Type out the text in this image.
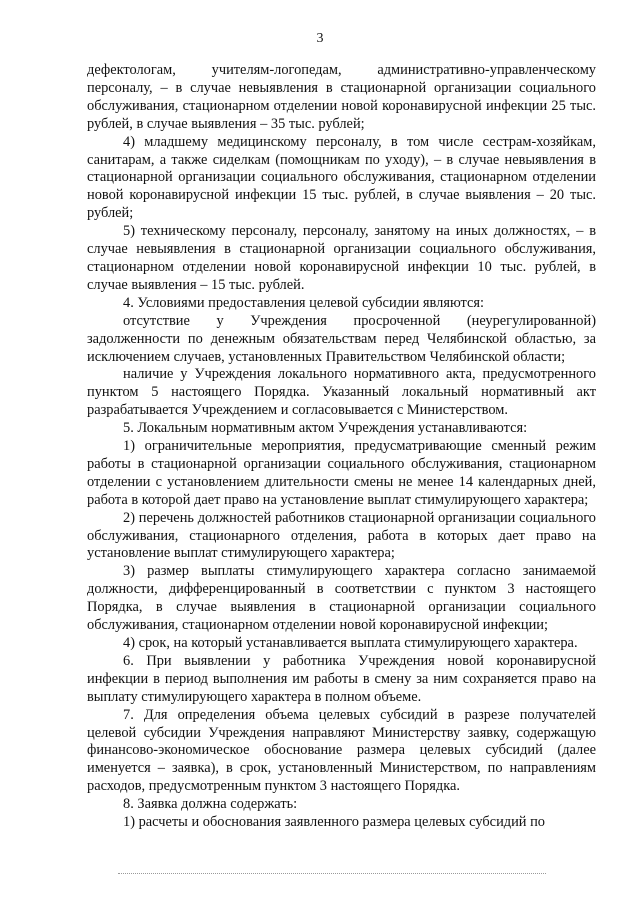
3

дефектологам, учителям-логопедам, административно-управленческому персоналу, – в случае невыявления в стационарной организации социального обслуживания, стационарном отделении новой коронавирусной инфекции 25 тыс. рублей, в случае выявления – 35 тыс. рублей;

4) младшему медицинскому персоналу, в том числе сестрам-хозяйкам, санитарам, а также сиделкам (помощникам по уходу), – в случае невыявления в стационарной организации социального обслуживания, стационарном отделении новой коронавирусной инфекции 15 тыс. рублей, в случае выявления – 20 тыс. рублей;

5) техническому персоналу, персоналу, занятому на иных должностях, – в случае невыявления в стационарной организации социального обслуживания, стационарном отделении новой коронавирусной инфекции 10 тыс. рублей, в случае выявления – 15 тыс. рублей.

4. Условиями предоставления целевой субсидии являются:

отсутствие у Учреждения просроченной (неурегулированной) задолженности по денежным обязательствам перед Челябинской областью, за исключением случаев, установленных Правительством Челябинской области;

наличие у Учреждения локального нормативного акта, предусмотренного пунктом 5 настоящего Порядка. Указанный локальный нормативный акт разрабатывается Учреждением и согласовывается с Министерством.

5. Локальным нормативным актом Учреждения устанавливаются:

1) ограничительные мероприятия, предусматривающие сменный режим работы в стационарной организации социального обслуживания, стационарном отделении с установлением длительности смены не менее 14 календарных дней, работа в которой дает право на установление выплат стимулирующего характера;

2) перечень должностей работников стационарной организации социального обслуживания, стационарного отделения, работа в которых дает право на установление выплат стимулирующего характера;

3) размер выплаты стимулирующего характера согласно занимаемой должности, дифференцированный в соответствии с пунктом 3 настоящего Порядка, в случае выявления в стационарной организации социального обслуживания, стационарном отделении новой коронавирусной инфекции;

4) срок, на который устанавливается выплата стимулирующего характера.

6. При выявлении у работника Учреждения новой коронавирусной инфекции в период выполнения им работы в смену за ним сохраняется право на выплату стимулирующего характера в полном объеме.

7. Для определения объема целевых субсидий в разрезе получателей целевой субсидии Учреждения направляют Министерству заявку, содержащую финансово-экономическое обоснование размера целевых субсидий (далее именуется – заявка), в срок, установленный Министерством, по направлениям расходов, предусмотренным пунктом 3 настоящего Порядка.

8. Заявка должна содержать:

1) расчеты и обоснования заявленного размера целевых субсидий по
